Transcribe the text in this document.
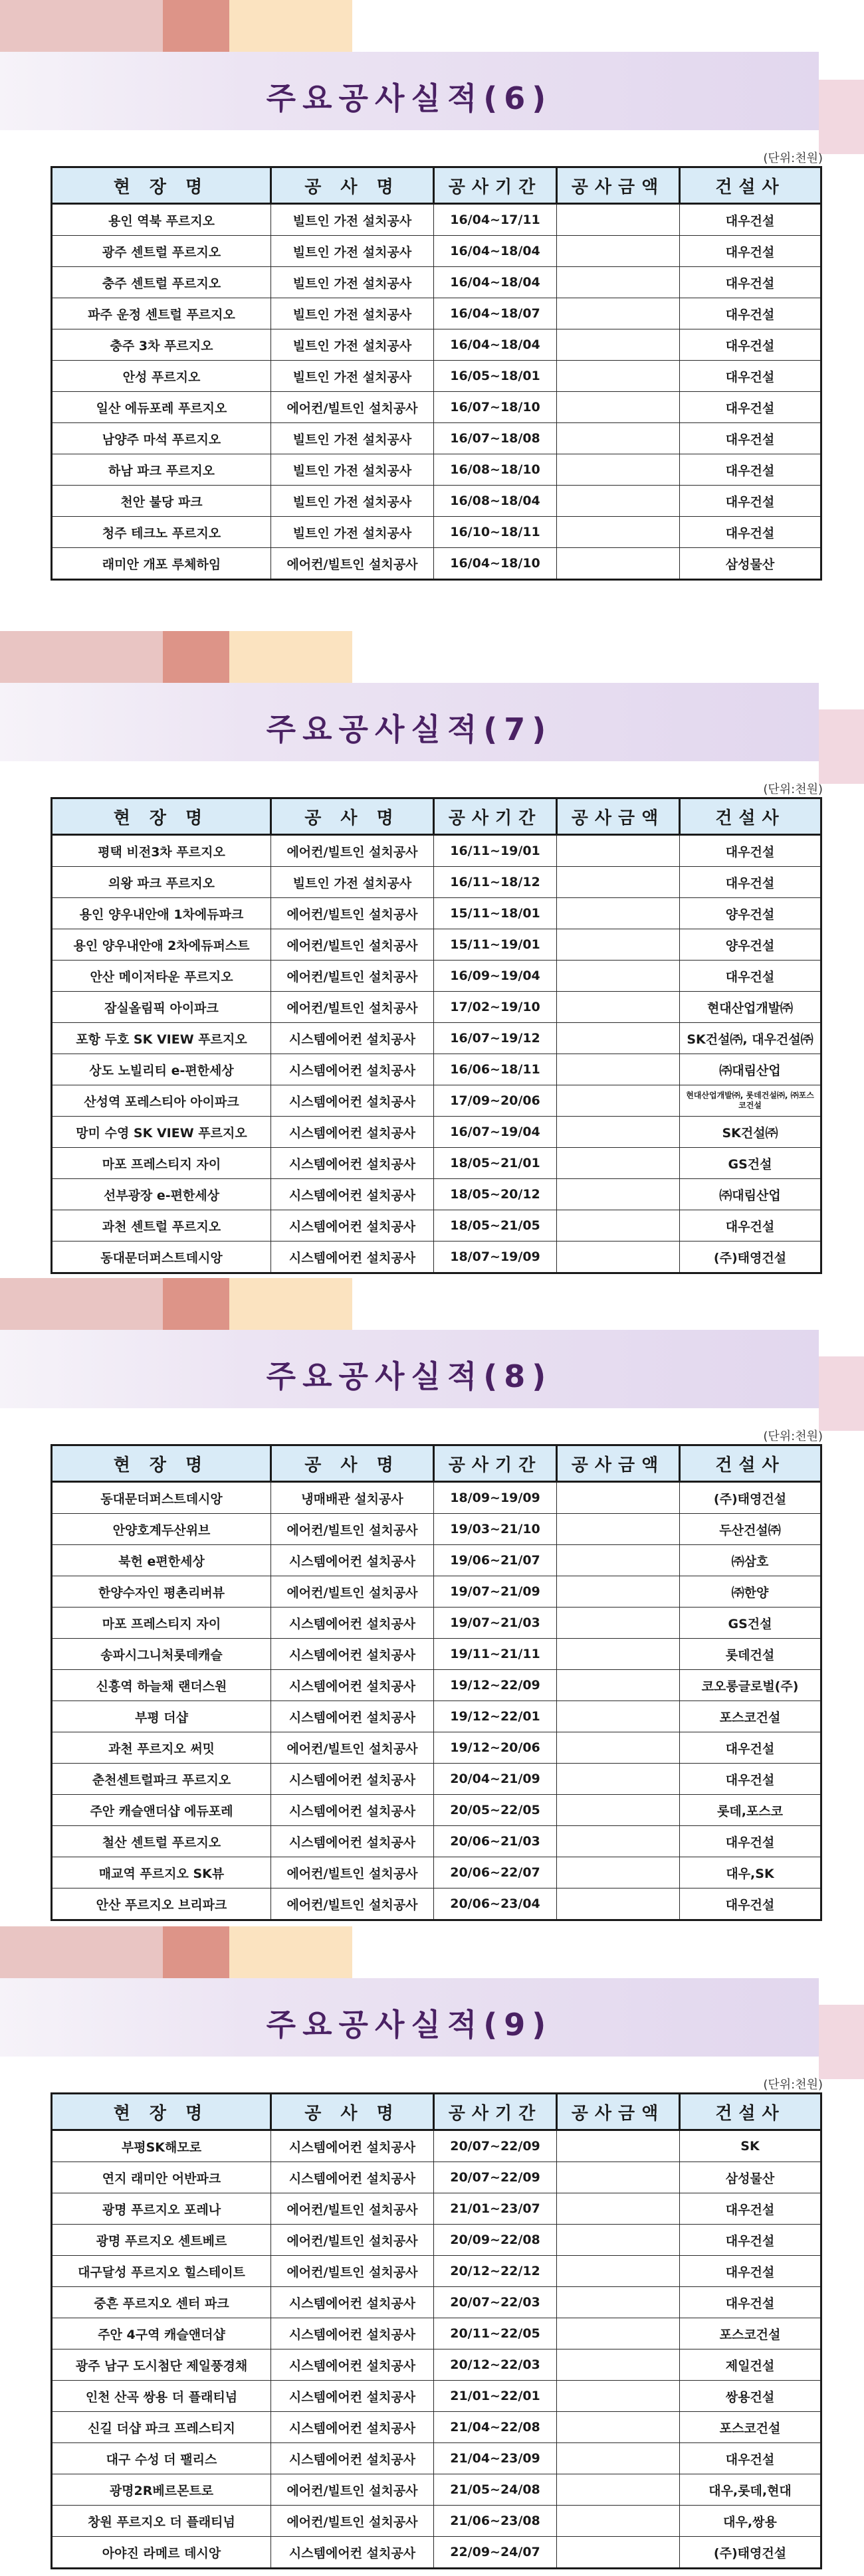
주요공사실적(6)
(단위:천원)
현 장 명	공 사 명	공사기간	공사금액	건설사
용인 역북 푸르지오	빌트인 가전 설치공사	16/04~17/11		대우건설
광주 센트럴 푸르지오	빌트인 가전 설치공사	16/04~18/04		대우건설
충주 센트럴 푸르지오	빌트인 가전 설치공사	16/04~18/04		대우건설
파주 운정 센트럴 푸르지오	빌트인 가전 설치공사	16/04~18/07		대우건설
충주 3차 푸르지오	빌트인 가전 설치공사	16/04~18/04		대우건설
안성 푸르지오	빌트인 가전 설치공사	16/05~18/01		대우건설
일산 에듀포레 푸르지오	에어컨/빌트인 설치공사	16/07~18/10		대우건설
남양주 마석 푸르지오	빌트인 가전 설치공사	16/07~18/08		대우건설
하남 파크 푸르지오	빌트인 가전 설치공사	16/08~18/10		대우건설
천안 불당 파크	빌트인 가전 설치공사	16/08~18/04		대우건설
청주 테크노 푸르지오	빌트인 가전 설치공사	16/10~18/11		대우건설
래미안 개포 루체하임	에어컨/빌트인 설치공사	16/04~18/10		삼성물산
주요공사실적(7)
(단위:천원)
현 장 명	공 사 명	공사기간	공사금액	건설사
평택 비전3차 푸르지오	에어컨/빌트인 설치공사	16/11~19/01		대우건설
의왕 파크 푸르지오	빌트인 가전 설치공사	16/11~18/12		대우건설
용인 양우내안애 1차에듀파크	에어컨/빌트인 설치공사	15/11~18/01		양우건설
용인 양우내안애 2차에듀퍼스트	에어컨/빌트인 설치공사	15/11~19/01		양우건설
안산 메이저타운 푸르지오	에어컨/빌트인 설치공사	16/09~19/04		대우건설
잠실올림픽 아이파크	에어컨/빌트인 설치공사	17/02~19/10		현대산업개발㈜
포항 두호 SK VIEW 푸르지오	시스템에어컨 설치공사	16/07~19/12		SK건설㈜, 대우건설㈜
상도 노빌리티 e-편한세상	시스템에어컨 설치공사	16/06~18/11		㈜대림산업
산성역 포레스티아 아이파크	시스템에어컨 설치공사	17/09~20/06		현대산업개발㈜, 롯데건설㈜, ㈜포스코건설
망미 수영 SK VIEW 푸르지오	시스템에어컨 설치공사	16/07~19/04		SK건설㈜
마포 프레스티지 자이	시스템에어컨 설치공사	18/05~21/01		GS건설
선부광장 e-편한세상	시스템에어컨 설치공사	18/05~20/12		㈜대림산업
과천 센트럴 푸르지오	시스템에어컨 설치공사	18/05~21/05		대우건설
동대문더퍼스트데시앙	시스템에어컨 설치공사	18/07~19/09		(주)태영건설
주요공사실적(8)
(단위:천원)
현 장 명	공 사 명	공사기간	공사금액	건설사
동대문더퍼스트데시앙	냉매배관 설치공사	18/09~19/09		(주)태영건설
안양호계두산위브	에어컨/빌트인 설치공사	19/03~21/10		두산건설㈜
북헌 e편한세상	시스템에어컨 설치공사	19/06~21/07		㈜삼호
한양수자인 평촌리버뷰	에어컨/빌트인 설치공사	19/07~21/09		㈜한양
마포 프레스티지 자이	시스템에어컨 설치공사	19/07~21/03		GS건설
송파시그니처롯데캐슬	시스템에어컨 설치공사	19/11~21/11		롯데건설
신흥역 하늘채 랜더스원	시스템에어컨 설치공사	19/12~22/09		코오롱글로벌(주)
부평 더샵	시스템에어컨 설치공사	19/12~22/01		포스코건설
과천 푸르지오 써밋	에어컨/빌트인 설치공사	19/12~20/06		대우건설
춘천센트럴파크 푸르지오	시스템에어컨 설치공사	20/04~21/09		대우건설
주안 캐슬앤더샵 에듀포레	시스템에어컨 설치공사	20/05~22/05		롯데,포스코
철산 센트럴 푸르지오	시스템에어컨 설치공사	20/06~21/03		대우건설
매교역 푸르지오 SK뷰	에어컨/빌트인 설치공사	20/06~22/07		대우,SK
안산 푸르지오 브리파크	에어컨/빌트인 설치공사	20/06~23/04		대우건설
주요공사실적(9)
(단위:천원)
현 장 명	공 사 명	공사기간	공사금액	건설사
부평SK해모로	시스템에어컨 설치공사	20/07~22/09		SK
연지 래미안 어반파크	시스템에어컨 설치공사	20/07~22/09		삼성물산
광명 푸르지오 포레나	에어컨/빌트인 설치공사	21/01~23/07		대우건설
광명 푸르지오 센트베르	에어컨/빌트인 설치공사	20/09~22/08		대우건설
대구달성 푸르지오 힐스테이트	에어컨/빌트인 설치공사	20/12~22/12		대우건설
중흔 푸르지오 센터 파크	시스템에어컨 설치공사	20/07~22/03		대우건설
주안 4구역 캐슬앤더샵	시스템에어컨 설치공사	20/11~22/05		포스코건설
광주 남구 도시첨단 제일풍경채	시스템에어컨 설치공사	20/12~22/03		제일건설
인천 산곡 쌍용 더 플래티넘	시스템에어컨 설치공사	21/01~22/01		쌍용건설
신길 더샵 파크 프레스티지	시스템에어컨 설치공사	21/04~22/08		포스코건설
대구 수성 더 팰리스	시스템에어컨 설치공사	21/04~23/09		대우건설
광명2R베르몬트로	에어컨/빌트인 설치공사	21/05~24/08		대우,롯데,현대
창원 푸르지오 더 플래티넘	에어컨/빌트인 설치공사	21/06~23/08		대우,쌍용
아야진 라메르 데시앙	시스템에어컨 설치공사	22/09~24/07		(주)태영건설
